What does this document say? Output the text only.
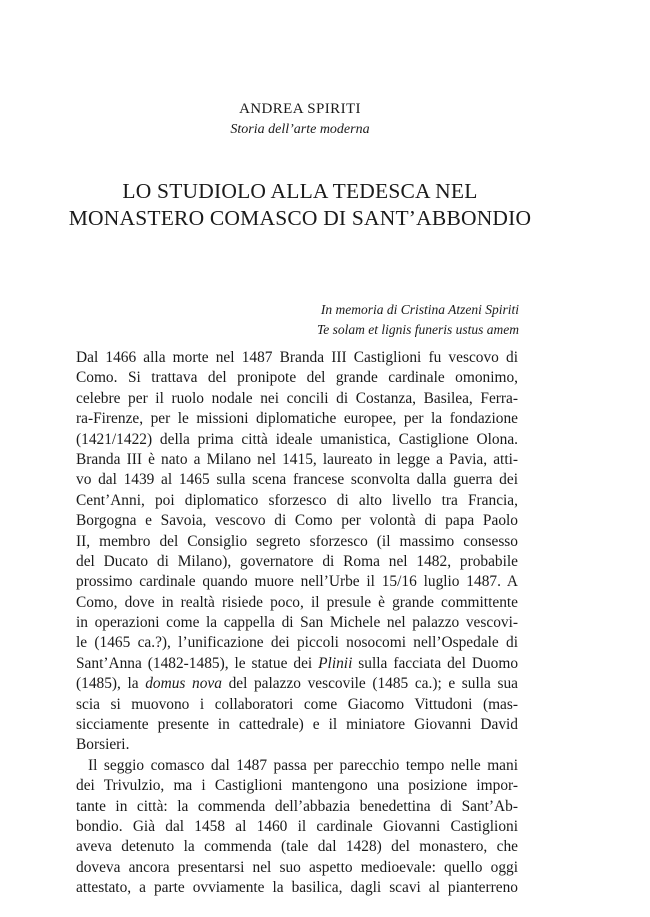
ANDREA SPIRITI
Storia dell’arte moderna
LO STUDIOLO ALLA TEDESCA NEL
MONASTERO COMASCO DI SANT’ABBONDIO
In memoria di Cristina Atzeni Spiriti
Te solam et lignis funeris ustus amem
Dal 1466 alla morte nel 1487 Branda III Castiglioni fu vescovo di
Como. Si trattava del pronipote del grande cardinale omonimo,
celebre per il ruolo nodale nei concili di Costanza, Basilea, Ferra-
ra-Firenze, per le missioni diplomatiche europee, per la fondazione
(1421/1422) della prima città ideale umanistica, Castiglione Olona.
Branda III è nato a Milano nel 1415, laureato in legge a Pavia, atti-
vo dal 1439 al 1465 sulla scena francese sconvolta dalla guerra dei
Cent’Anni, poi diplomatico sforzesco di alto livello tra Francia,
Borgogna e Savoia, vescovo di Como per volontà di papa Paolo
II, membro del Consiglio segreto sforzesco (il massimo consesso
del Ducato di Milano), governatore di Roma nel 1482, probabile
prossimo cardinale quando muore nell’Urbe il 15/16 luglio 1487. A
Como, dove in realtà risiede poco, il presule è grande committente
in operazioni come la cappella di San Michele nel palazzo vescovi-
le (1465 ca.?), l’unificazione dei piccoli nosocomi nell’Ospedale di
Sant’Anna (1482-1485), le statue dei Plinii sulla facciata del Duomo
(1485), la domus nova del palazzo vescovile (1485 ca.); e sulla sua
scia si muovono i collaboratori come Giacomo Vittudoni (mas-
sicciamente presente in cattedrale) e il miniatore Giovanni David
Borsieri.
Il seggio comasco dal 1487 passa per parecchio tempo nelle mani
dei Trivulzio, ma i Castiglioni mantengono una posizione impor-
tante in città: la commenda dell’abbazia benedettina di Sant’Ab-
bondio. Già dal 1458 al 1460 il cardinale Giovanni Castiglioni
aveva detenuto la commenda (tale dal 1428) del monastero, che
doveva ancora presentarsi nel suo aspetto medioevale: quello oggi
attestato, a parte ovviamente la basilica, dagli scavi al pianterreno
